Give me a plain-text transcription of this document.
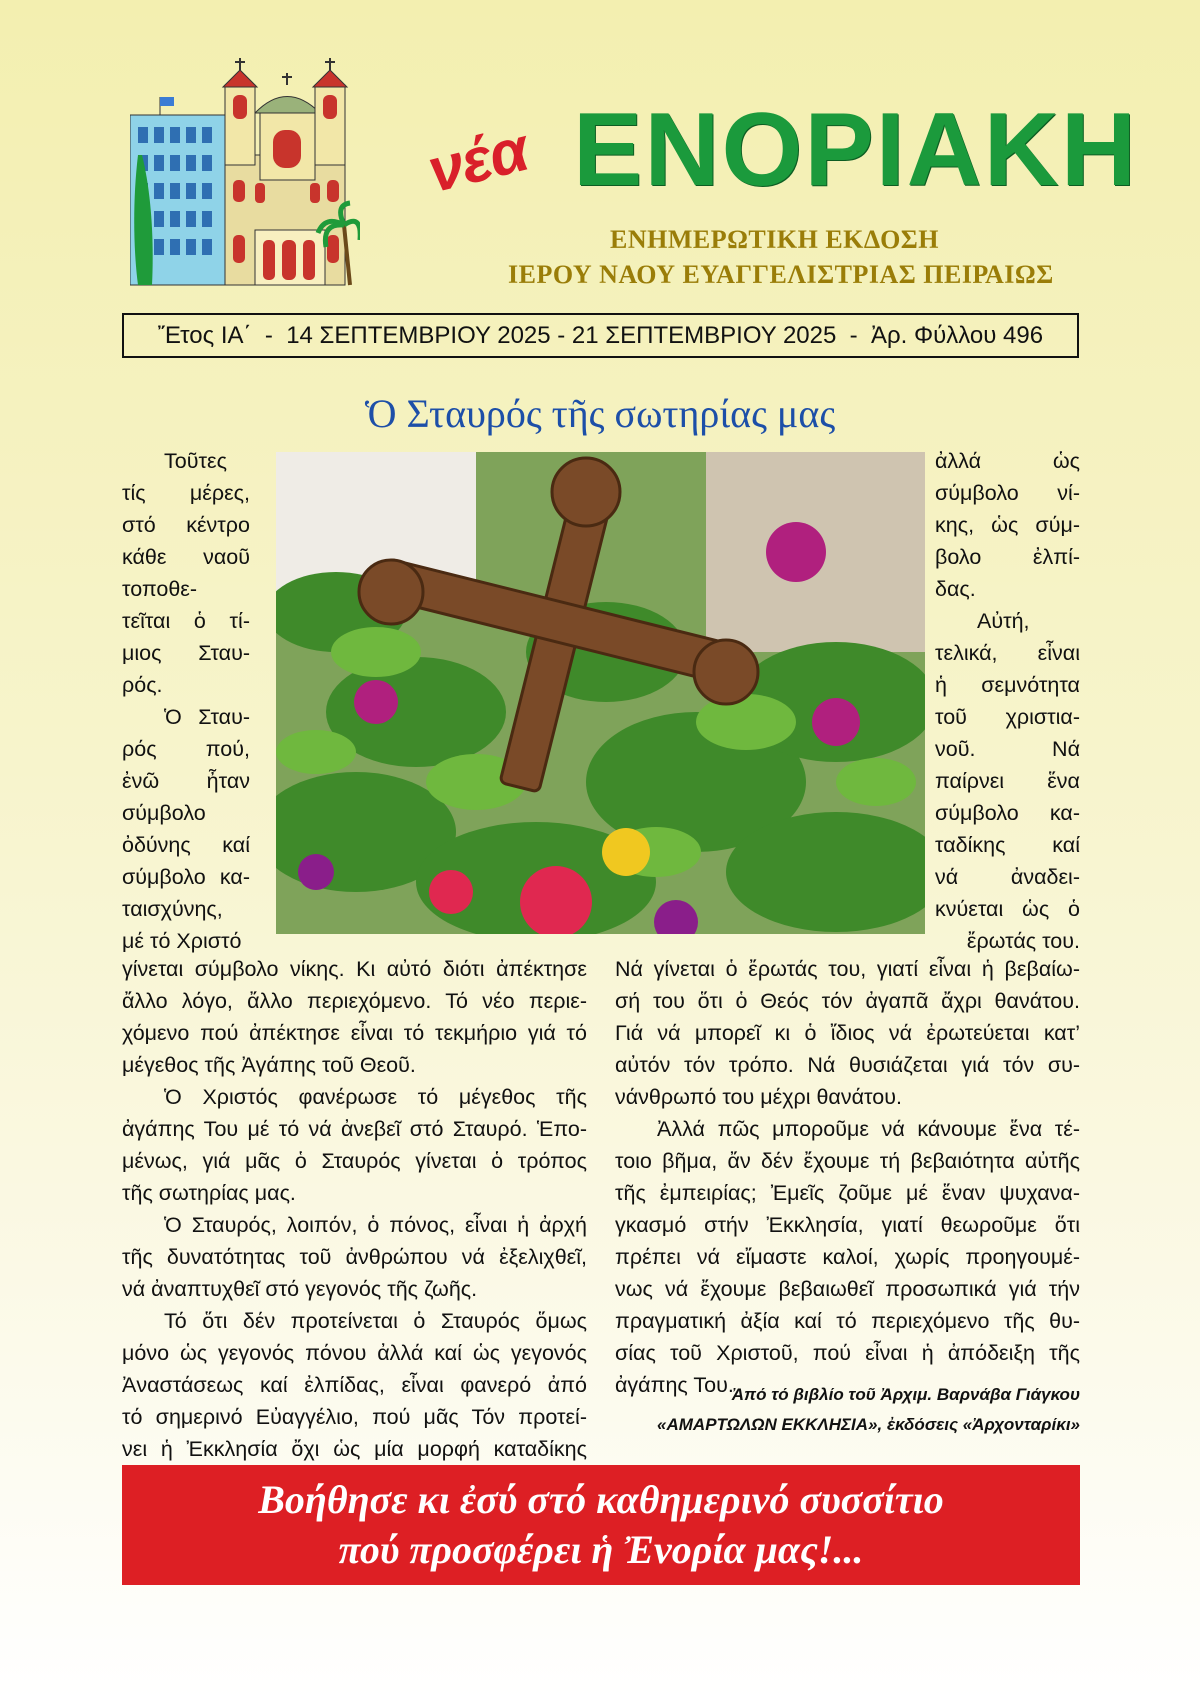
νέα ΕΝΟΡΙΑΚΗ
ΕΝΗΜΕΡΩΤΙΚΗ ΕΚΔΟΣΗ
ΙΕΡΟΥ ΝΑΟΥ ΕΥΑΓΓΕΛΙΣΤΡΙΑΣ ΠΕΙΡΑΙΩΣ
Ἔτος ΙΑ΄  -  14 ΣΕΠΤΕΜΒΡΙΟΥ 2025 - 21 ΣΕΠΤΕΜΒΡΙΟΥ 2025  -  Ἀρ. Φύλλου 496
Ὁ Σταυρός τῆς σωτηρίας μας
Τοῦτες
τίς μέρες,
στό κέντρο
κάθε ναοῦ
τοποθε-
τεῖται ὁ τί-
μιος Σταυ-
ρός.
Ὁ Σταυ-
ρός πού,
ἐνῶ ἦταν
σύμβολο
ὀδύνης καί
σύμβολο κα-
ταισχύνης,
μέ τό Χριστό
ἀλλά ὡς
σύμβολο νί-
κης, ὡς σύμ-
βολο ἐλπί-
δας.
Αὐτή,
τελικά, εἶναι
ἡ σεμνότητα
τοῦ χριστια-
νοῦ. Νά
παίρνει ἕνα
σύμβολο κα-
ταδίκης καί
νά ἀναδει-
κνύεται ὡς ὁ
ἔρωτάς του.
γίνεται σύμβολο νίκης. Κι αὐτό διότι ἀπέκτησε
ἄλλο λόγο, ἄλλο περιεχόμενο. Τό νέο περιε-
χόμενο πού ἀπέκτησε εἶναι τό τεκμήριο γιά τό
μέγεθος τῆς Ἀγάπης τοῦ Θεοῦ.
Ὁ Χριστός φανέρωσε τό μέγεθος τῆς
ἀγάπης Του μέ τό νά ἀνεβεῖ στό Σταυρό. Ἑπο-
μένως, γιά μᾶς ὁ Σταυρός γίνεται ὁ τρόπος
τῆς σωτηρίας μας.
Ὁ Σταυρός, λοιπόν, ὁ πόνος, εἶναι ἡ ἀρχή
τῆς δυνατότητας τοῦ ἀνθρώπου νά ἐξελιχθεῖ,
νά ἀναπτυχθεῖ στό γεγονός τῆς ζωῆς.
Τό ὅτι δέν προτείνεται ὁ Σταυρός ὅμως
μόνο ὡς γεγονός πόνου ἀλλά καί ὡς γεγονός
Ἀναστάσεως καί ἐλπίδας, εἶναι φανερό ἀπό
τό σημερινό Εὐαγγέλιο, πού μᾶς Τόν προτεί-
νει ἡ Ἐκκλησία ὄχι ὡς μία μορφή καταδίκης
Νά γίνεται ὁ ἔρωτάς του, γιατί εἶναι ἡ βεβαίω-
σή του ὅτι ὁ Θεός τόν ἀγαπᾶ ἄχρι θανάτου.
Γιά νά μπορεῖ κι ὁ ἴδιος νά ἐρωτεύεται κατ’
αὐτόν τόν τρόπο. Νά θυσιάζεται γιά τόν συ-
νάνθρωπό του μέχρι θανάτου.
Ἀλλά πῶς μποροῦμε νά κάνουμε ἕνα τέ-
τοιο βῆμα, ἄν δέν ἔχουμε τή βεβαιότητα αὐτῆς
τῆς ἐμπειρίας; Ἐμεῖς ζοῦμε μέ ἕναν ψυχανα-
γκασμό στήν Ἐκκλησία, γιατί θεωροῦμε ὅτι
πρέπει νά εἴμαστε καλοί, χωρίς προηγουμέ-
νως νά ἔχουμε βεβαιωθεῖ προσωπικά γιά τήν
πραγματική ἀξία καί τό περιεχόμενο τῆς θυ-
σίας τοῦ Χριστοῦ, πού εἶναι ἡ ἀπόδειξη τῆς
ἀγάπης Του.
Ἀπό τό βιβλίο τοῦ Ἀρχιμ. Βαρνάβα Γιάγκου
«ΑΜΑΡΤΩΛΩΝ ΕΚΚΛΗΣΙΑ», ἐκδόσεις «Ἀρχονταρίκι»
Βοήθησε κι ἐσύ στό καθημερινό συσσίτιο
πού προσφέρει ἡ Ἐνορία μας!...
